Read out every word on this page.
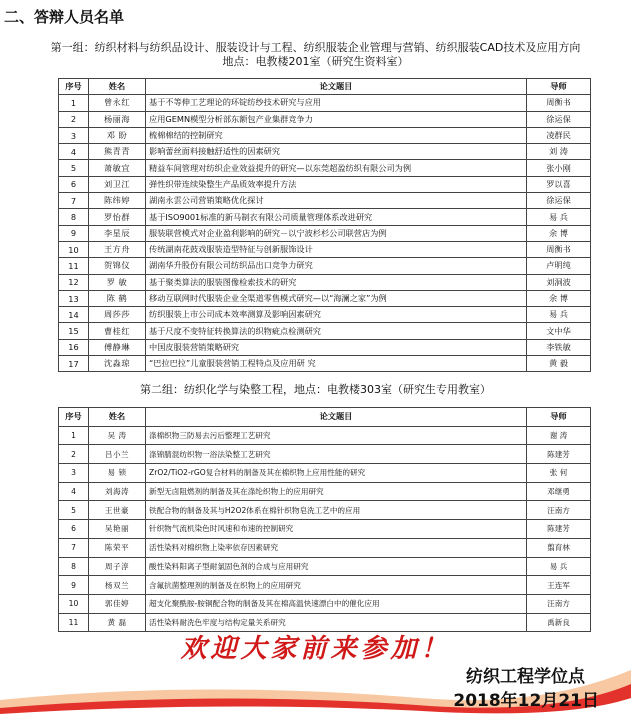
二、答辩人员名单
第一组：纺织材料与纺织品设计、服装设计与工程、纺织服装企业管理与营销、纺织服装CAD技术及应用方向
地点：电教楼201室（研究生资料室）
序号	姓名	论文题目	导师
1	曾永红	基于不等伸工艺理论的环锭纺纱技术研究与应用	周衡书
2	杨丽海	应用GEMN模型分析部东额包产业集群竞争力	徐运保
3	邓 盼	梳棉棉结的控制研究	凌群民
4	熊青青	影响蕾丝面料接触舒适性的因素研究	刘 涛
5	萧敏宜	精益车间管理对纺织企业效益提升的研究—以东莞超盈纺织有限公司为例	张小刚
6	刘卫江	弹性织带连续染整生产品质效率提升方法	罗以喜
7	陈纬婷	湖南永雲公司营销策略优化探讨	徐运保
8	罗怡群	基于ISO9001标准的新马制衣有限公司质量管理体系改进研究	易 兵
9	李星辰	服装联营模式对企业盈利影响的研究－以宁波杉杉公司联营店为例	余 博
10	王方舟	传统湖南花鼓戏服装造型特征与创新服饰设计	周衡书
11	贺锦仪	湖南华升股份有限公司纺织品出口竞争力研究	卢明纯
12	罗 敏	基于聚类算法的服装图像检索技术的研究	刘洞波
13	陈 鹤	移动互联网时代服装企业全渠道零售模式研究—以“海澜之家”为例	余 博
14	周莎莎	纺织服装上市公司成本效率测算及影响因素研究	易 兵
15	曹桂红	基于尺度不变特征转换算法的织物疵点检测研究	文中华
16	傅静琳	中国皮服装营销策略研究	李铁敏
17	沈淼琼	“巴拉巴拉”儿童服装营销工程特点及应用研 究	黄 毅
第二组：纺织化学与染整工程，地点：电教楼303室（研究生专用教室）
序号	姓名	论文题目	导师
1	吴 涛	涤棉织物三防易去污后整理工艺研究	谢 涛
2	吕小兰	涤锦腈混纺织物一浴法染整工艺研究	陈建芳
3	易 锁	ZrO2/TiO2-rGO复合材料的制备及其在棉织物上应用性能的研究	张 何
4	刘海涛	新型无卤阻燃剂的制备及其在涤纶织物上的应用研究	邓继勇
5	王世豪	铁配合物的制备及其与H2O2体系在棉针织物皂洗工艺中的应用	汪南方
6	吴艳丽	针织物气流机染色时风速和布速的控制研究	陈建芳
7	陈荣平	活性染料对棉织物上染率依存因素研究	翦育林
8	周子淳	酸性染料阳离子型耐氯固色剂的合成与应用研究	易 兵
9	杨双兰	含氟抗菌整理剂的制备及在织物上的应用研究	王连军
10	郭佳婷	超支化聚酰胺-胺铜配合物的制备及其在棉高温快速漂白中的催化应用	汪南方
11	黄 磊	活性染料耐洗色牢度与结构定量关系研究	禹新良
欢迎大家前来参加！
纺织工程学位点
2018年12月21日
